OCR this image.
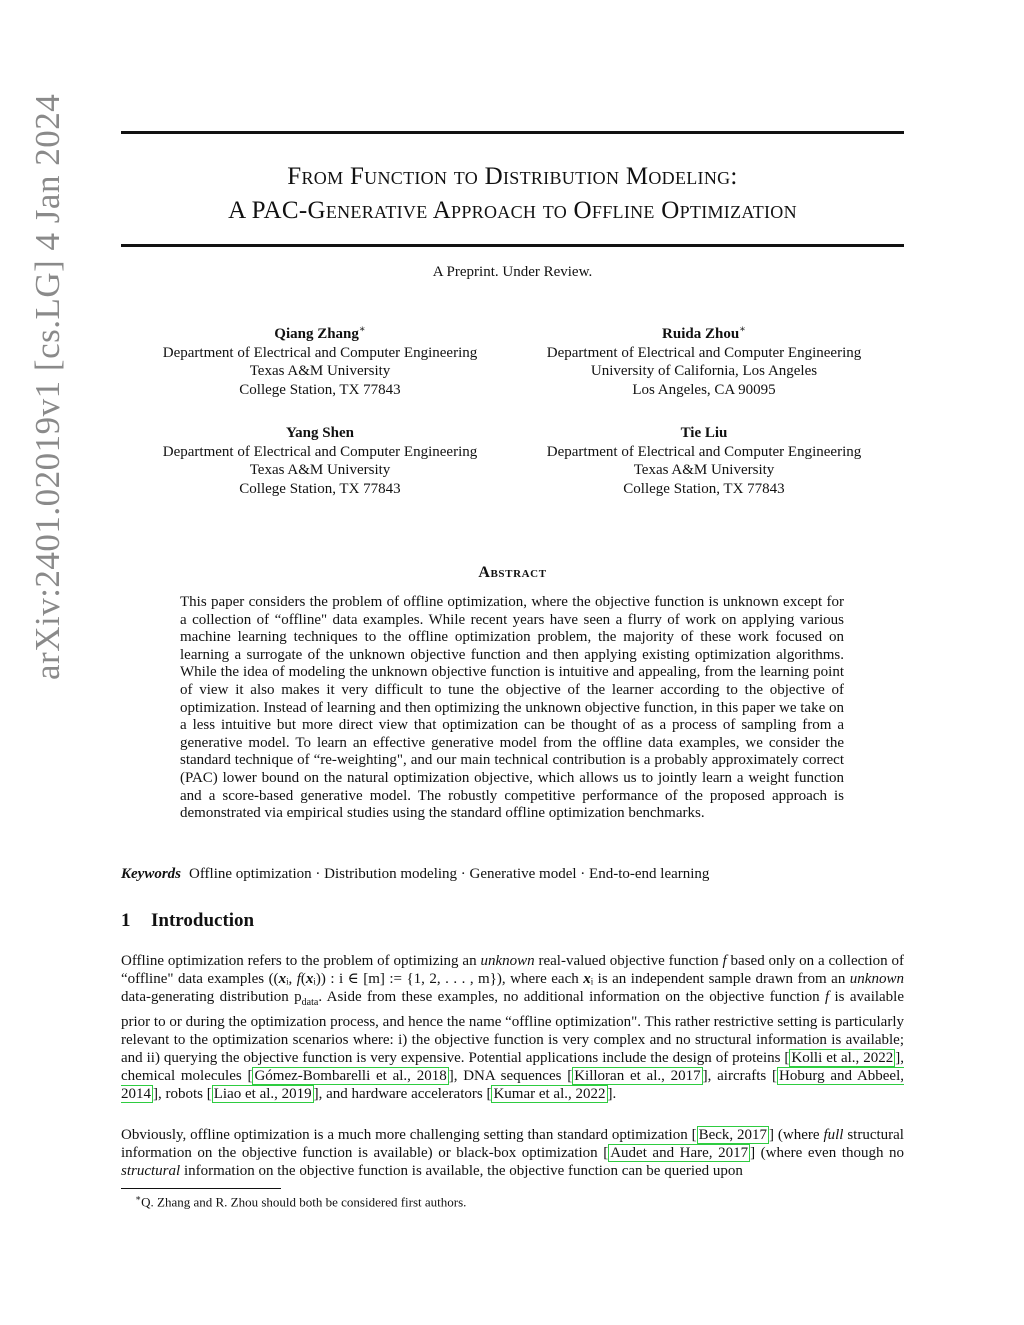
arXiv:2401.02019v1 [cs.LG] 4 Jan 2024	From Function to Distribution Modeling:
A PAC-Generative Approach to Offline Optimization
A Preprint. Under Review.
Qiang Zhang∗
Department of Electrical and Computer Engineering
Texas A&M University
College Station, TX 77843
Ruida Zhou∗
Department of Electrical and Computer Engineering
University of California, Los Angeles
Los Angeles, CA 90095
Yang Shen
Department of Electrical and Computer Engineering
Texas A&M University
College Station, TX 77843
Tie Liu
Department of Electrical and Computer Engineering
Texas A&M University
College Station, TX 77843
Abstract
This paper considers the problem of offline optimization, where the objective function is unknown except for a collection of “offline" data examples. While recent years have seen a flurry of work on applying various machine learning techniques to the offline optimization problem, the majority of these work focused on learning a surrogate of the unknown objective function and then applying existing optimization algorithms. While the idea of modeling the unknown objective function is intuitive and appealing, from the learning point of view it also makes it very difficult to tune the objective of the learner according to the objective of optimization. Instead of learning and then optimizing the unknown objective function, in this paper we take on a less intuitive but more direct view that optimization can be thought of as a process of sampling from a generative model. To learn an effective generative model from the offline data examples, we consider the standard technique of “re-weighting", and our main technical contribution is a probably approximately correct (PAC) lower bound on the natural optimization objective, which allows us to jointly learn a weight function and a score-based generative model. The robustly competitive performance of the proposed approach is demonstrated via empirical studies using the standard offline optimization benchmarks.
Keywords Offline optimization · Distribution modeling · Generative model · End-to-end learning
1 Introduction
Offline optimization refers to the problem of optimizing an unknown real-valued objective function f based only on a collection of “offline" data examples ((xᵢ, f(xᵢ)) : i ∈ [m] := {1, 2, . . . , m}), where each xᵢ is an independent sample drawn from an unknown data-generating distribution $p_{data}$. Aside from these examples, no additional information on the objective function f is available prior to or during the optimization process, and hence the name “offline optimization". This rather restrictive setting is particularly relevant to the optimization scenarios where: i) the objective function is very complex and no structural information is available; and ii) querying the objective function is very expensive. Potential applications include the design of proteins [ Kolli et al., 2022 ], chemical molecules [ Gómez-Bombarelli et al., 2018 ], DNA sequences [ Killoran et al., 2017 ], aircrafts [ Hoburg and Abbeel, 2014 ], robots [ Liao et al., 2019 ], and hardware accelerators [ Kumar et al., 2022 ].
Obviously, offline optimization is a much more challenging setting than standard optimization [ Beck, 2017 ] (where full structural information on the objective function is available) or black-box optimization [ Audet and Hare, 2017 ] (where even though no structural information on the objective function is available, the objective function can be queried upon
∗Q. Zhang and R. Zhou should both be considered first authors.
